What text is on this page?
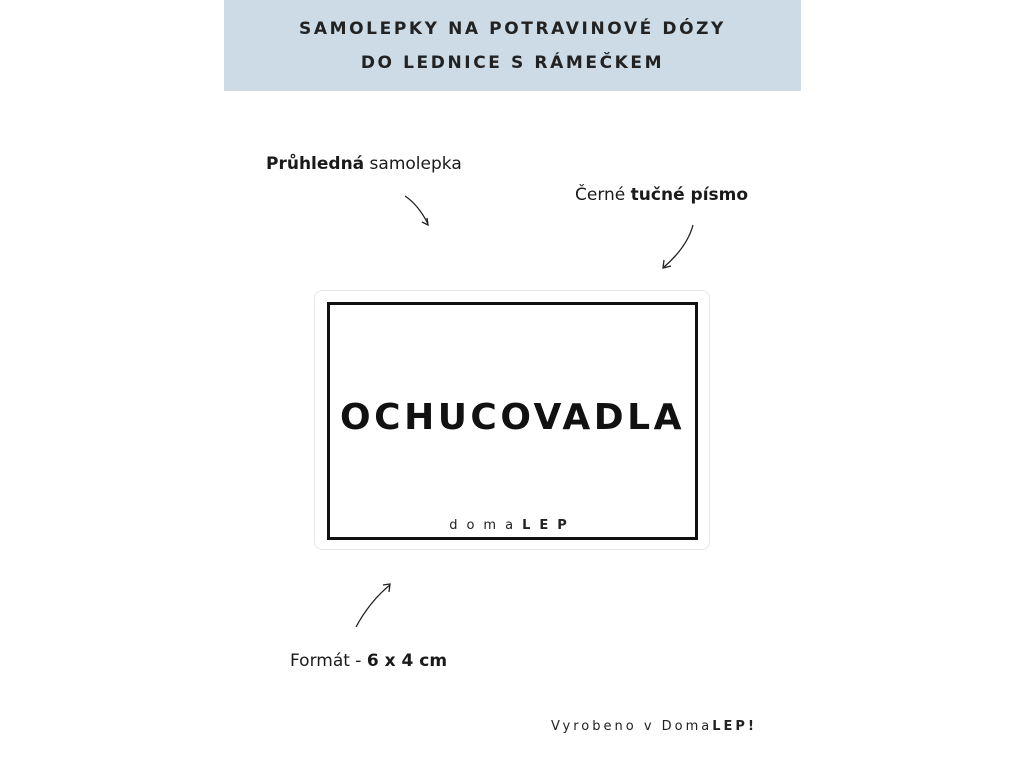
SAMOLEPKY NA POTRAVINOVÉ DÓZY
DO LEDNICE S RÁMEČKEM
Průhledná samolepka
Černé tučné písmo
OCHUCOVADLA
domaLEP
Formát - 6 x 4 cm
Vyrobeno v DomaLEP!
